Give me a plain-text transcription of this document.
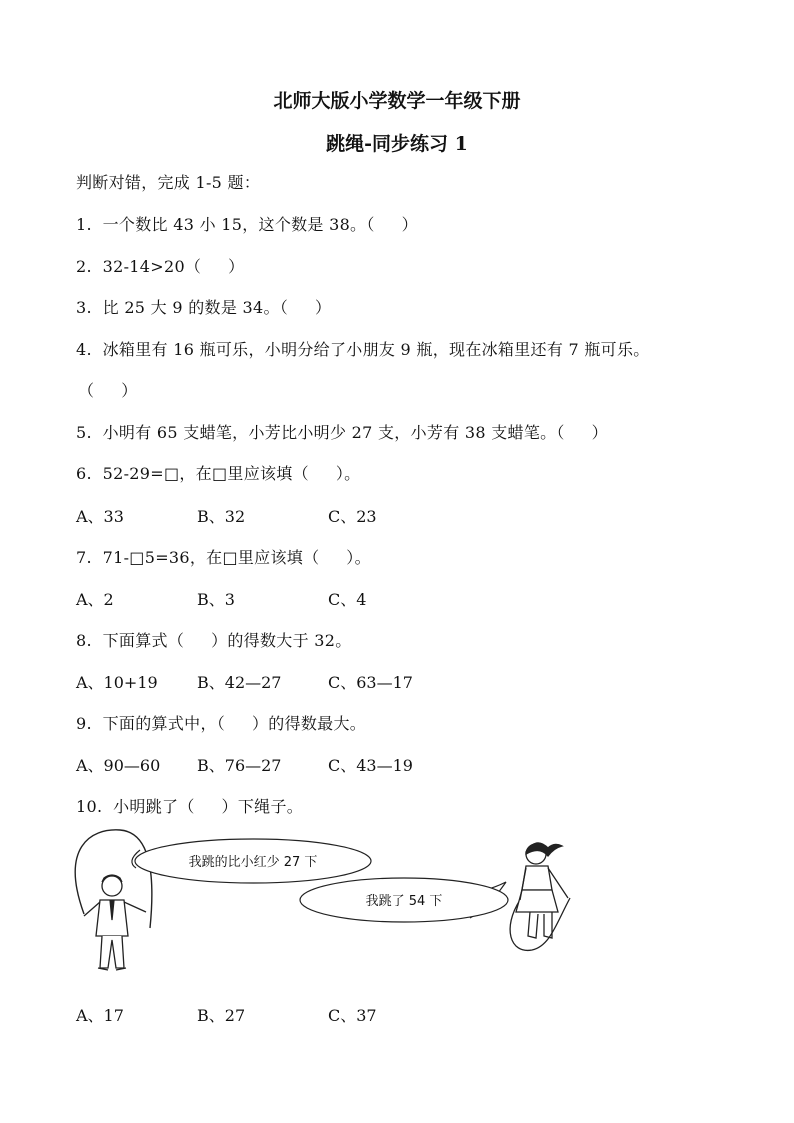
北师大版小学数学一年级下册
跳绳-同步练习 1
判断对错，完成 1-5 题：
1.  一个数比 43 小 15，这个数是 38。（     ）
2.  32-14>20（     ）
3.  比 25 大 9 的数是 34。（     ）
4.  冰箱里有 16 瓶可乐，小明分给了小朋友 9 瓶，现在冰箱里还有 7 瓶可乐。
（     ）
5.  小明有 65 支蜡笔，小芳比小明少 27 支，小芳有 38 支蜡笔。（     ）
6.  52-29=□，在□里应该填（     ）。
A、33	B、32	C、23
7.  71-□5=36，在□里应该填（     ）。
A、2	B、3	C、4
8.  下面算式（     ）的得数大于 32。
A、10+19 B、42—27	C、63—17
9.  下面的算式中，（     ）的得数最大。
A、90—60 B、76—27	C、43—19
10.  小明跳了（     ）下绳子。
我跳的比小红少 27 下
我跳了 54 下
A、17	B、27	C、37
